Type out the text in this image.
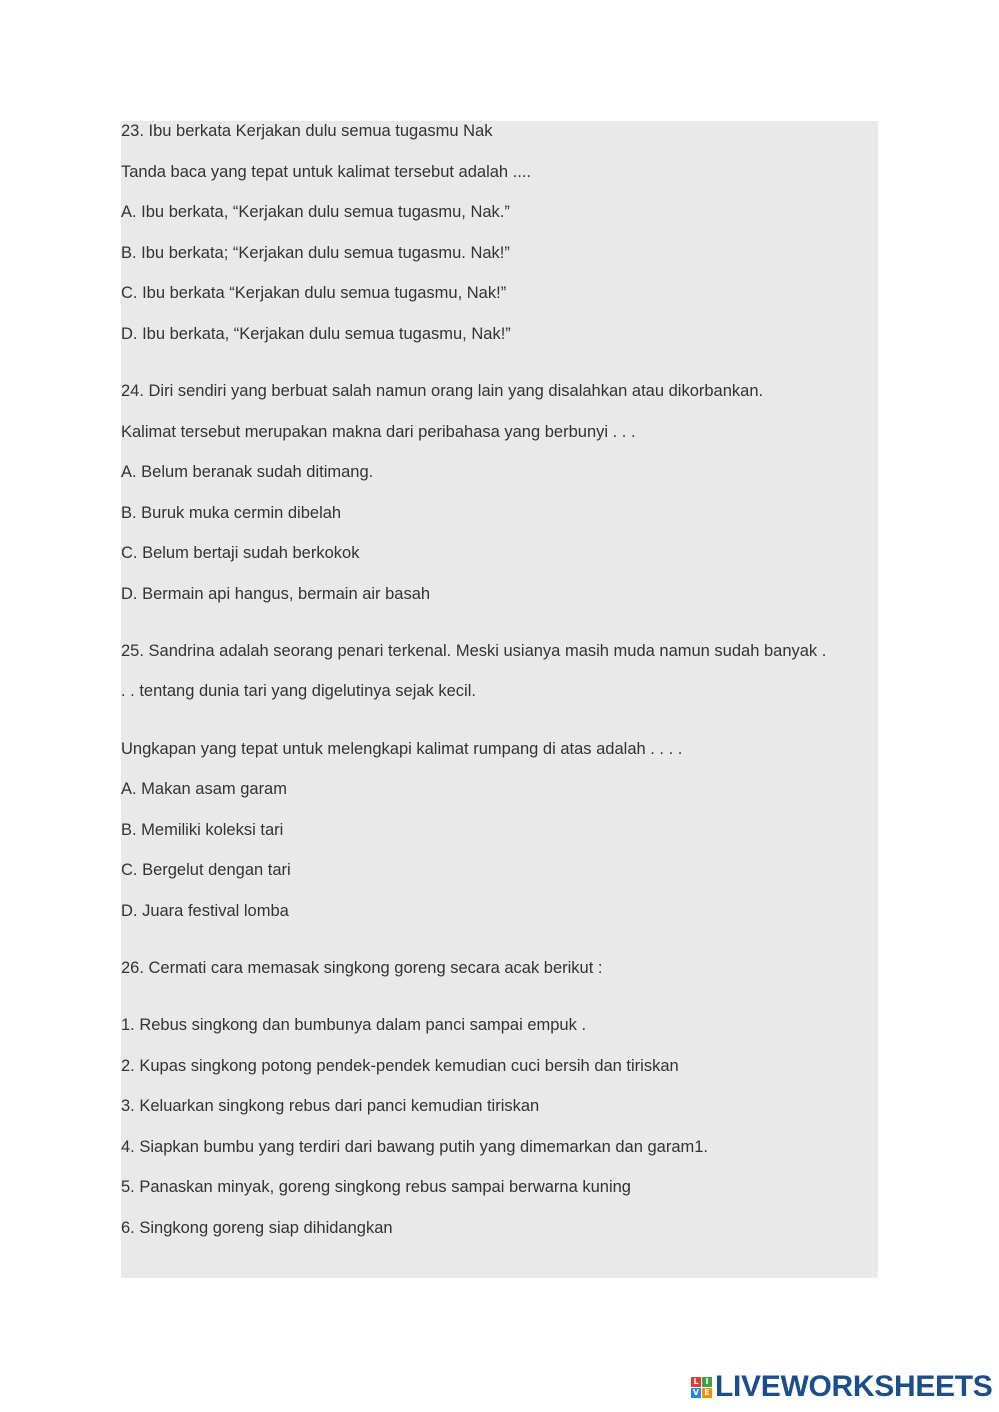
23. Ibu berkata Kerjakan dulu semua tugasmu Nak
Tanda baca yang tepat untuk kalimat tersebut adalah ....
A. Ibu berkata, “Kerjakan dulu semua tugasmu, Nak.”
B. Ibu berkata; “Kerjakan dulu semua tugasmu. Nak!”
C. Ibu berkata “Kerjakan dulu semua tugasmu, Nak!”
D. Ibu berkata, “Kerjakan dulu semua tugasmu, Nak!”
24. Diri sendiri yang berbuat salah namun orang lain yang disalahkan atau dikorbankan.
Kalimat tersebut merupakan makna dari peribahasa yang berbunyi . . .
A. Belum beranak sudah ditimang.
B. Buruk muka cermin dibelah
C. Belum bertaji sudah berkokok
D. Bermain api hangus, bermain air basah
25. Sandrina adalah seorang penari terkenal. Meski usianya masih muda namun sudah banyak .
. . tentang dunia tari yang digelutinya sejak kecil.
Ungkapan yang tepat untuk melengkapi kalimat rumpang di atas adalah . . . .
A. Makan asam garam
B. Memiliki koleksi tari
C. Bergelut dengan tari
D. Juara festival lomba
26. Cermati cara memasak singkong goreng secara acak berikut :
1. Rebus singkong dan bumbunya dalam panci sampai empuk .
2. Kupas singkong potong pendek-pendek kemudian cuci bersih dan tiriskan
3. Keluarkan singkong rebus dari panci kemudian tiriskan
4. Siapkan bumbu yang terdiri dari bawang putih yang dimemarkan dan garam1.
5. Panaskan minyak, goreng singkong rebus sampai berwarna kuning
6. Singkong goreng siap dihidangkan
L I
V E LIVEWORKSHEETS
